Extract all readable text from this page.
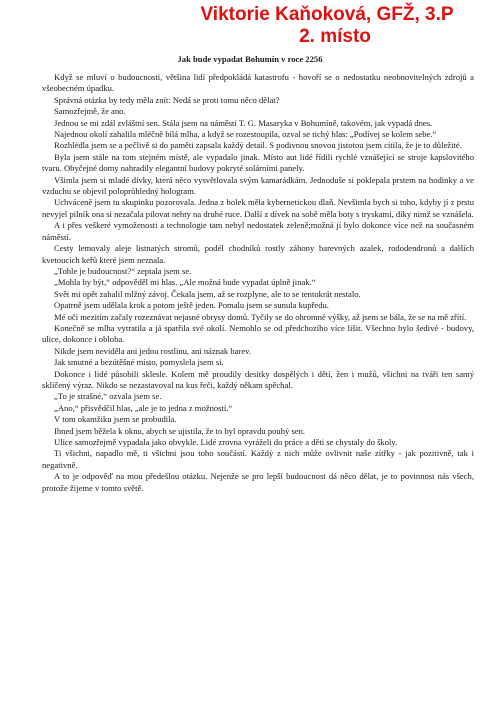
Viktorie Kaňoková, GFŽ, 3.P
2. místo
Jak bude vypadat Bohumín v roce 2256

Když se mluví o budoucnosti, většina lidí předpokládá katastrofu - hovoří se o nedostatku neobnovitelných zdrojů a všeobecném úpadku.

Správná otázka by tedy měla znít: Nedá se proti tomu něco dělat?

Samozřejmě, že ano.

Jednou se mi zdál zvláštní sen. Stála jsem na náměstí T. G. Masaryka v Bohumíně, takovém, jak vypadá dnes.

Najednou okolí zahalila mléčně bílá mlha, a když se rozestoupila, ozval se tichý hlas: „Podívej se kolem sebe.“

Rozhlédla jsem se a pečlivě si do paměti zapsala každý detail. S podivnou snovou jistotou jsem cítila, že je to důležité.

Byla jsem stále na tom stejném místě, ale vypadalo jinak. Místo aut lidé řídili rychlé vznášející se stroje kapslovitého tvaru. Obyčejné domy nahradily elegantní budovy pokryté solárními panely.

Všimla jsem si mladé dívky, která něco vysvětlovala svým kamarádkám. Jednoduše si poklepala prstem na hodinky a ve vzduchu se objevil poloprůhledný hologram.

Uchváceně jsem tu skupinku pozorovala. Jedna z holek měla kybernetickou dlaň. Nevšimla bych si toho, kdyby jí z prstu nevyjel pilník ona si nezačala pilovat nehty na druhé ruce. Další z dívek na sobě měla boty s tryskami, díky nimž se vznášela.

A i přes veškeré vymoženosti a technologie tam nebyl nedostatek zeleně;možná jí bylo dokonce více než na současném náměstí.

Cesty lemovaly aleje listnatých stromů, podél chodníků rostly záhony barevných azalek, rododendronů a dalších kvetoucích keřů které jsem neznala.

„Tohle je budoucnost?“ zeptala jsem se.

„Mohla by být,“ odpověděl mi hlas. „Ale možná bude vypadat úplně jinak.“

Svět mi opět zahalil mlžný závoj. Čekala jsem, až se rozplyne, ale to se tentokrát nestalo.

Opatrně jsem udělala krok a potom ještě jeden. Pomalu jsem se sunula kupředu.

Mé oči mezitím začaly rozeznávat nejasné obrysy domů. Tyčily se do ohromné výšky, až jsem se bála, že se na mě zřítí.

Konečně se mlha vytratila a já spatřila své okolí. Nemohlo se od předchozího více lišit. Všechno bylo šedivé - budovy, ulice, dokonce i obloha.

Nikde jsem neviděla ani jednu rostlinu, ani náznak barev.

Jak smutné a bezútěšné místo, pomyslela jsem si.

Dokonce i lidé působili sklesle. Kolem mě proudily desítky dospělých i dětí, žen i mužů, všichni na tváři ten samý sklíčený výraz. Nikdo se nezastavoval na kus řeči, každý někam spěchal.

„To je strašné,“ ozvala jsem se.

„Ano,“ přisvědčil hlas, „ale je to jedna z možností.“

V tom okamžiku jsem se probudila.

Ihned jsem běžela k oknu, abych se ujistila, že to byl opravdu pouhý sen.

Ulice samozřejmě vypadala jako obvykle. Lidé zrovna vyráželi do práce a děti se chystaly do školy.

Ti všichni, napadlo mě, ti všichni jsou toho součástí. Každý z nich může ovlivnit naše zítřky - jak pozitivně, tak i negativně.

A to je odpověď na mou předešlou otázku. Nejenže se pro lepší budoucnost dá něco dělat, je to povinnost nás všech, protože žijeme v tomto světě.
